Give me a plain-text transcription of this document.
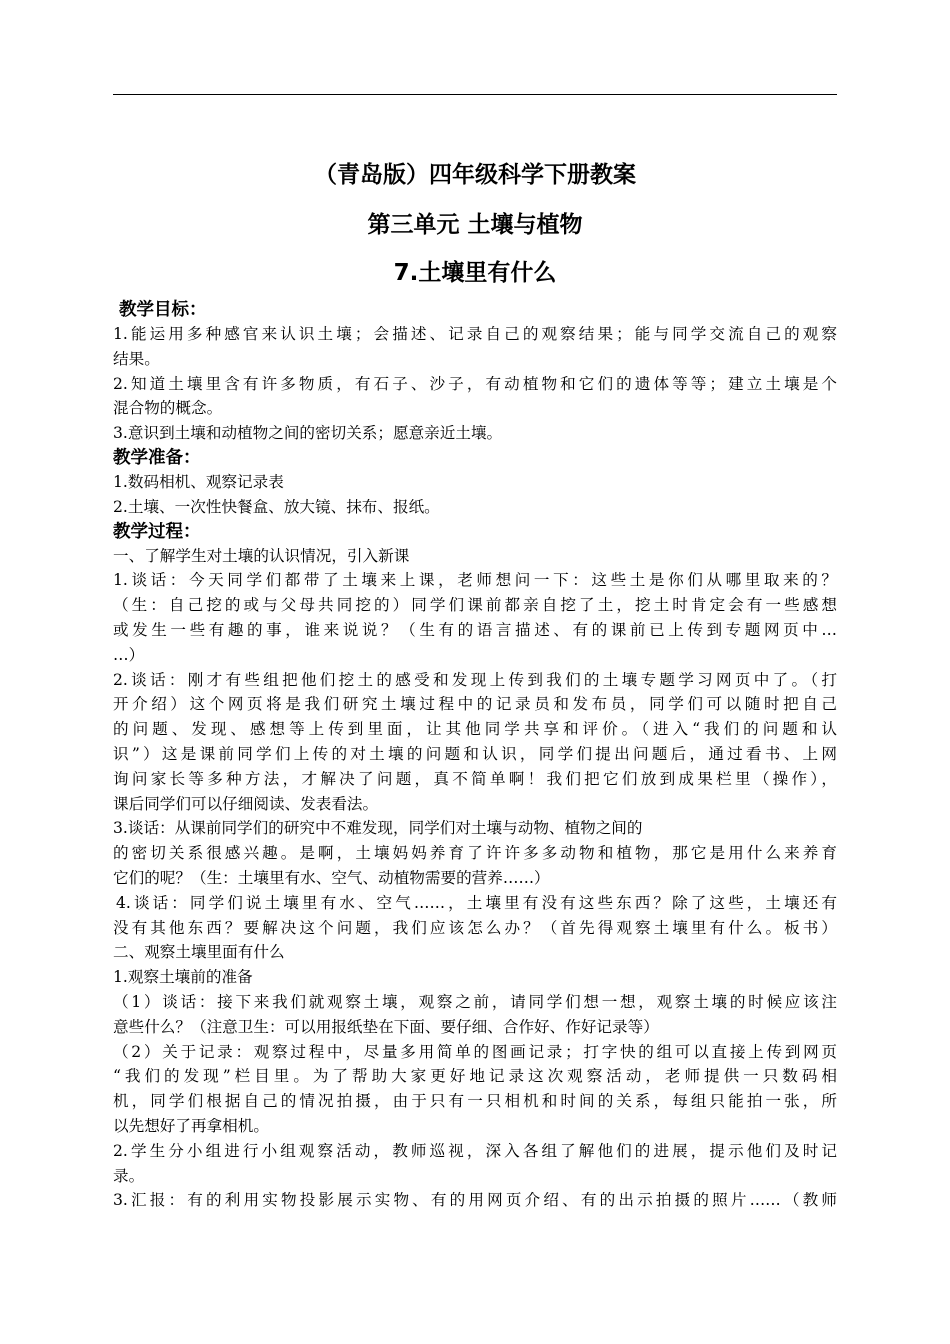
（青岛版）四年级科学下册教案
第三单元 土壤与植物
7.土壤里有什么
教学目标：
1.能运用多种感官来认识土壤；会描述、记录自己的观察结果；能与同学交流自己的观察
结果。
2.知道土壤里含有许多物质，有石子、沙子，有动植物和它们的遗体等等；建立土壤是个
混合物的概念。
3.意识到土壤和动植物之间的密切关系；愿意亲近土壤。
教学准备：
1.数码相机、观察记录表
2.土壤、一次性快餐盒、放大镜、抹布、报纸。
教学过程：
一、了解学生对土壤的认识情况，引入新课
1.谈话：今天同学们都带了土壤来上课，老师想问一下：这些土是你们从哪里取来的？
（生：自己挖的或与父母共同挖的）同学们课前都亲自挖了土，挖土时肯定会有一些感想
或发生一些有趣的事，谁来说说？（生有的语言描述、有的课前已上传到专题网页中…
…）
2.谈话：刚才有些组把他们挖土的感受和发现上传到我们的土壤专题学习网页中了。（打
开介绍）这个网页将是我们研究土壤过程中的记录员和发布员，同学们可以随时把自己
的问题、发现、感想等上传到里面，让其他同学共享和评价。（进入“我们的问题和认
识”）这是课前同学们上传的对土壤的问题和认识，同学们提出问题后，通过看书、上网
询问家长等多种方法，才解决了问题，真不简单啊！我们把它们放到成果栏里（操作），
课后同学们可以仔细阅读、发表看法。
3.谈话：从课前同学们的研究中不难发现，同学们对土壤与动物、植物之间的
的密切关系很感兴趣。是啊，土壤妈妈养育了许许多多动物和植物，那它是用什么来养育
它们的呢？（生：土壤里有水、空气、动植物需要的营养……）
4.谈话：同学们说土壤里有水、空气……，土壤里有没有这些东西？除了这些，土壤还有
没有其他东西？要解决这个问题，我们应该怎么办？（首先得观察土壤里有什么。板书）
二、观察土壤里面有什么
1.观察土壤前的准备
（1）谈话：接下来我们就观察土壤，观察之前，请同学们想一想，观察土壤的时候应该注
意些什么？（注意卫生：可以用报纸垫在下面、要仔细、合作好、作好记录等）
（2）关于记录：观察过程中，尽量多用简单的图画记录；打字快的组可以直接上传到网页
“我们的发现”栏目里。为了帮助大家更好地记录这次观察活动，老师提供一只数码相
机，同学们根据自己的情况拍摄，由于只有一只相机和时间的关系，每组只能拍一张，所
以先想好了再拿相机。
2.学生分小组进行小组观察活动，教师巡视，深入各组了解他们的进展，提示他们及时记
录。
3.汇报：有的利用实物投影展示实物、有的用网页介绍、有的出示拍摄的照片……（教师
